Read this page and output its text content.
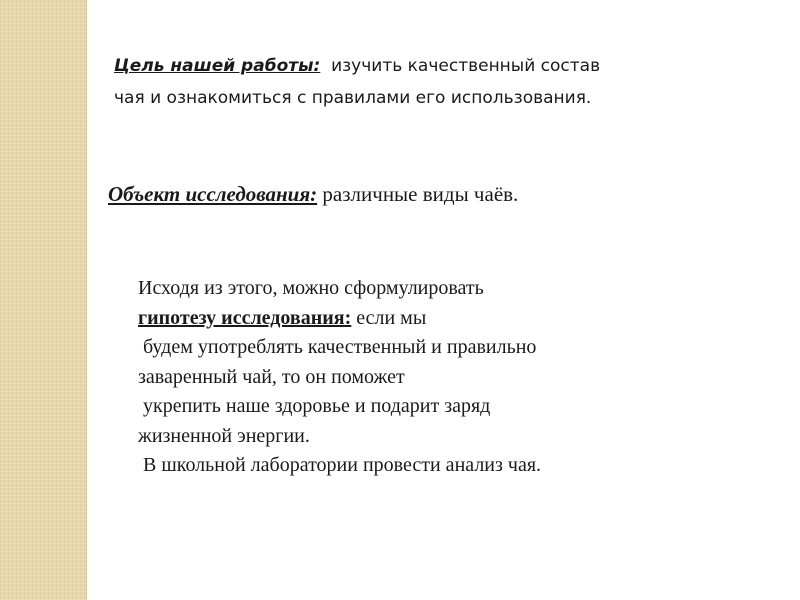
Цель нашей работы:  изучить качественный состав
чая и ознакомиться с правилами его использования.
Объект исследования: различные виды чаёв.
Исходя из этого, можно сформулировать
гипотезу исследования: если мы
будем употреблять качественный и правильно
заваренный чай, то он поможет
укрепить наше здоровье и подарит заряд
жизненной энергии.
В школьной лаборатории провести анализ чая.
